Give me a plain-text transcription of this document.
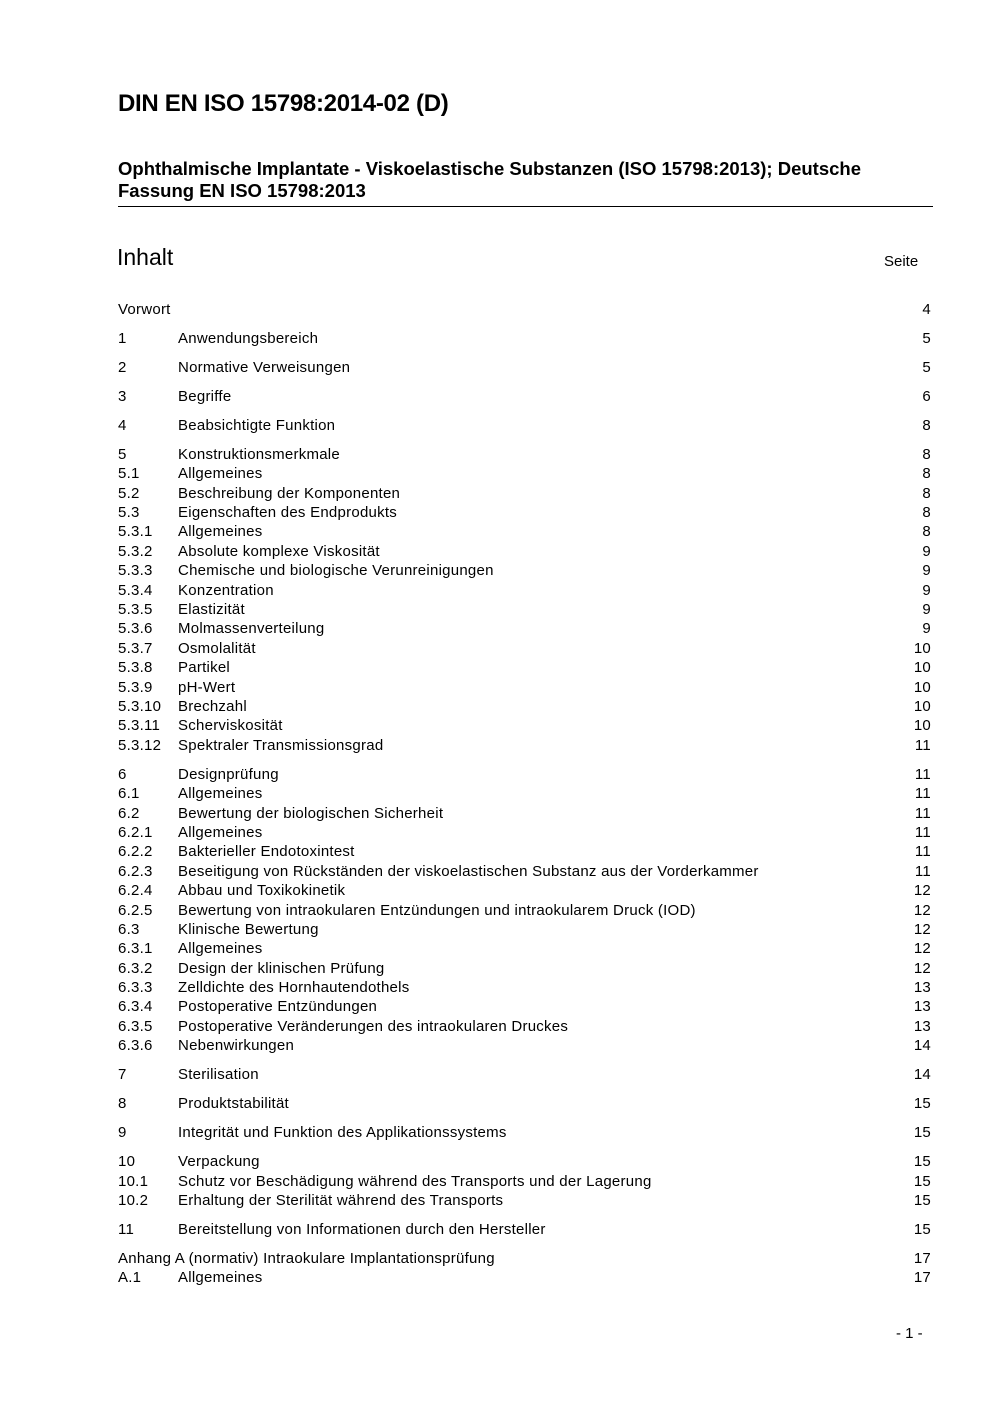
DIN EN ISO 15798:2014-02 (D)
Ophthalmische Implantate - Viskoelastische Substanzen (ISO 15798:2013); Deutsche
Fassung EN ISO 15798:2013
Inhalt	Seite
Vorwort	4
1	Anwendungsbereich	5
2	Normative Verweisungen	5
3	Begriffe	6
4	Beabsichtigte Funktion	8
5	Konstruktionsmerkmale	8
5.1	Allgemeines	8
5.2	Beschreibung der Komponenten	8
5.3	Eigenschaften des Endprodukts	8
5.3.1	Allgemeines	8
5.3.2	Absolute komplexe Viskosität	9
5.3.3	Chemische und biologische Verunreinigungen	9
5.3.4	Konzentration	9
5.3.5	Elastizität	9
5.3.6	Molmassenverteilung	9
5.3.7	Osmolalität	10
5.3.8	Partikel	10
5.3.9	pH-Wert	10
5.3.10	Brechzahl	10
5.3.11	Scherviskosität	10
5.3.12	Spektraler Transmissionsgrad	11
6	Designprüfung	11
6.1	Allgemeines	11
6.2	Bewertung der biologischen Sicherheit	11
6.2.1	Allgemeines	11
6.2.2	Bakterieller Endotoxintest	11
6.2.3	Beseitigung von Rückständen der viskoelastischen Substanz aus der Vorderkammer	11
6.2.4	Abbau und Toxikokinetik	12
6.2.5	Bewertung von intraokularen Entzündungen und intraokularem Druck (IOD)	12
6.3	Klinische Bewertung	12
6.3.1	Allgemeines	12
6.3.2	Design der klinischen Prüfung	12
6.3.3	Zelldichte des Hornhautendothels	13
6.3.4	Postoperative Entzündungen	13
6.3.5	Postoperative Veränderungen des intraokularen Druckes	13
6.3.6	Nebenwirkungen	14
7	Sterilisation	14
8	Produktstabilität	15
9	Integrität und Funktion des Applikationssystems	15
10	Verpackung	15
10.1	Schutz vor Beschädigung während des Transports und der Lagerung	15
10.2	Erhaltung der Sterilität während des Transports	15
11	Bereitstellung von Informationen durch den Hersteller	15
Anhang A (normativ) Intraokulare Implantationsprüfung	17
A.1	Allgemeines	17
- 1 -
